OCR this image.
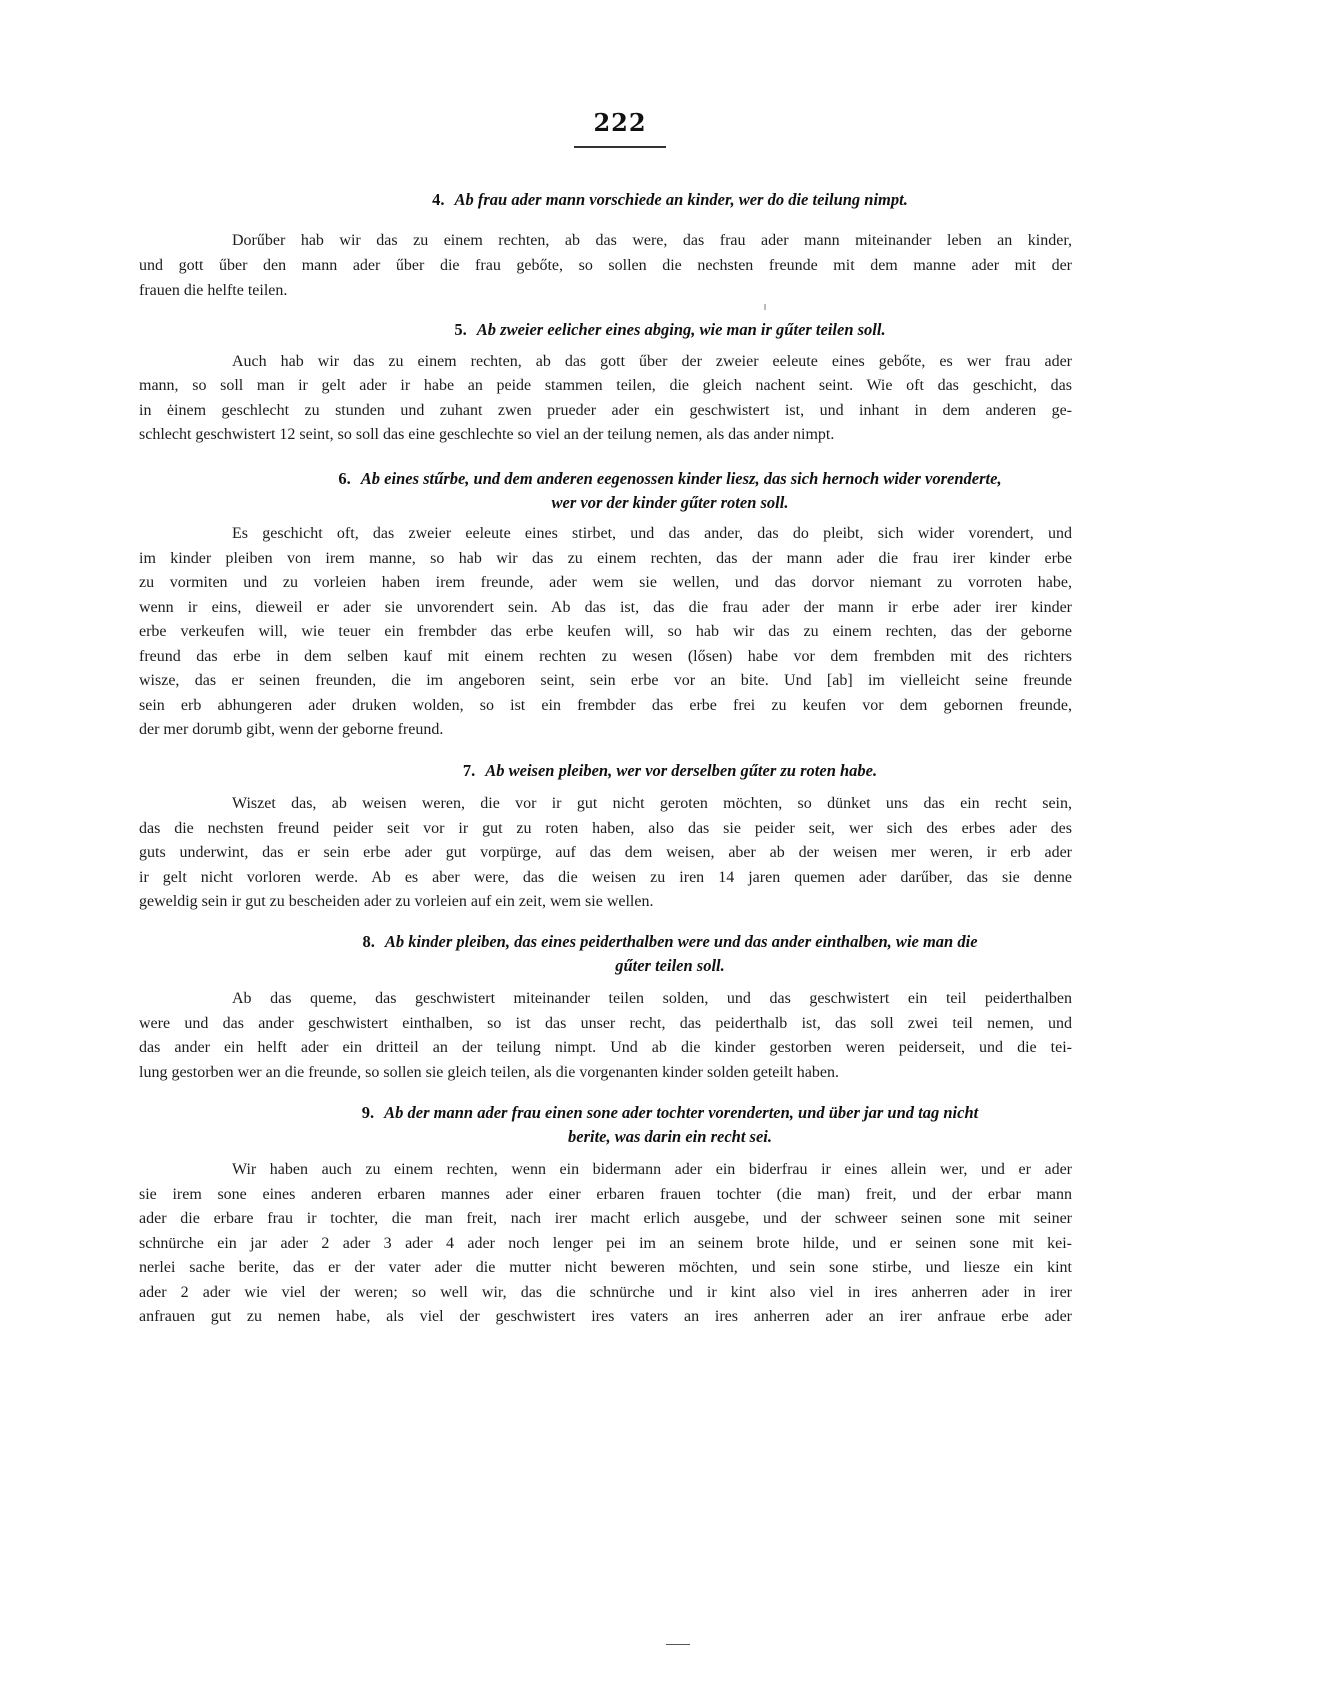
222
4. Ab frau ader mann vorschiede an kinder, wer do die teilung nimpt.
Dorűber hab wir das zu einem rechten, ab das were, das frau ader mann miteinander leben an kinder,
und gott űber den mann ader űber die frau gebőte, so sollen die nechsten freunde mit dem manne ader mit der
frauen die helfte teilen.
5. Ab zweier eelicher eines abging, wie man ir gűter teilen soll.
Auch hab wir das zu einem rechten, ab das gott űber der zweier eeleute eines gebőte, es wer frau ader
mann, so soll man ir gelt ader ir habe an peide stammen teilen, die gleich nachent seint. Wie oft das geschicht, das
in ėinem geschlecht zu stunden und zuhant zwen prueder ader ein geschwistert ist, und inhant in dem anderen ge-
schlecht geschwistert 12 seint, so soll das eine geschlechte so viel an der teilung nemen, als das ander nimpt.
6. Ab eines stűrbe, und dem anderen eegenossen kinder liesz, das sich hernoch wider vorenderte,
wer vor der kinder gűter roten soll.
Es geschicht oft, das zweier eeleute eines stirbet, und das ander, das do pleibt, sich wider vorendert, und
im kinder pleiben von irem manne, so hab wir das zu einem rechten, das der mann ader die frau irer kinder erbe
zu vormiten und zu vorleien haben irem freunde, ader wem sie wellen, und das dorvor niemant zu vorroten habe,
wenn ir eins, dieweil er ader sie unvorendert sein. Ab das ist, das die frau ader der mann ir erbe ader irer kinder
erbe verkeufen will, wie teuer ein frembder das erbe keufen will, so hab wir das zu einem rechten, das der geborne
freund das erbe in dem selben kauf mit einem rechten zu wesen (lősen) habe vor dem frembden mit des richters
wisze, das er seinen freunden, die im angeboren seint, sein erbe vor an bite. Und [ab] im vielleicht seine freunde
sein erb abhungeren ader druken wolden, so ist ein frembder das erbe frei zu keufen vor dem gebornen freunde,
der mer dorumb gibt, wenn der geborne freund.
7. Ab weisen pleiben, wer vor derselben gűter zu roten habe.
Wiszet das, ab weisen weren, die vor ir gut nicht geroten möchten, so dünket uns das ein recht sein,
das die nechsten freund peider seit vor ir gut zu roten haben, also das sie peider seit, wer sich des erbes ader des
guts underwint, das er sein erbe ader gut vorpürge, auf das dem weisen, aber ab der weisen mer weren, ir erb ader
ir gelt nicht vorloren werde. Ab es aber were, das die weisen zu iren 14 jaren quemen ader darűber, das sie denne
geweldig sein ir gut zu bescheiden ader zu vorleien auf ein zeit, wem sie wellen.
8. Ab kinder pleiben, das eines peiderthalben were und das ander einthalben, wie man die
gűter teilen soll.
Ab das queme, das geschwistert miteinander teilen solden, und das geschwistert ein teil peiderthalben
were und das ander geschwistert einthalben, so ist das unser recht, das peiderthalb ist, das soll zwei teil nemen, und
das ander ein helft ader ein dritteil an der teilung nimpt. Und ab die kinder gestorben weren peiderseit, und die tei-
lung gestorben wer an die freunde, so sollen sie gleich teilen, als die vorgenanten kinder solden geteilt haben.
9. Ab der mann ader frau einen sone ader tochter vorenderten, und über jar und tag nicht
berite, was darin ein recht sei.
Wir haben auch zu einem rechten, wenn ein bidermann ader ein biderfrau ir eines allein wer, und er ader
sie irem sone eines anderen erbaren mannes ader einer erbaren frauen tochter (die man) freit, und der erbar mann
ader die erbare frau ir tochter, die man freit, nach irer macht erlich ausgebe, und der schweer seinen sone mit seiner
schnürche ein jar ader 2 ader 3 ader 4 ader noch lenger pei im an seinem brote hilde, und er seinen sone mit kei-
nerlei sache berite, das er der vater ader die mutter nicht beweren möchten, und sein sone stirbe, und liesze ein kint
ader 2 ader wie viel der weren; so well wir, das die schnürche und ir kint also viel in ires anherren ader in irer
anfrauen gut zu nemen habe, als viel der geschwistert ires vaters an ires anherren ader an irer anfraue erbe ader
